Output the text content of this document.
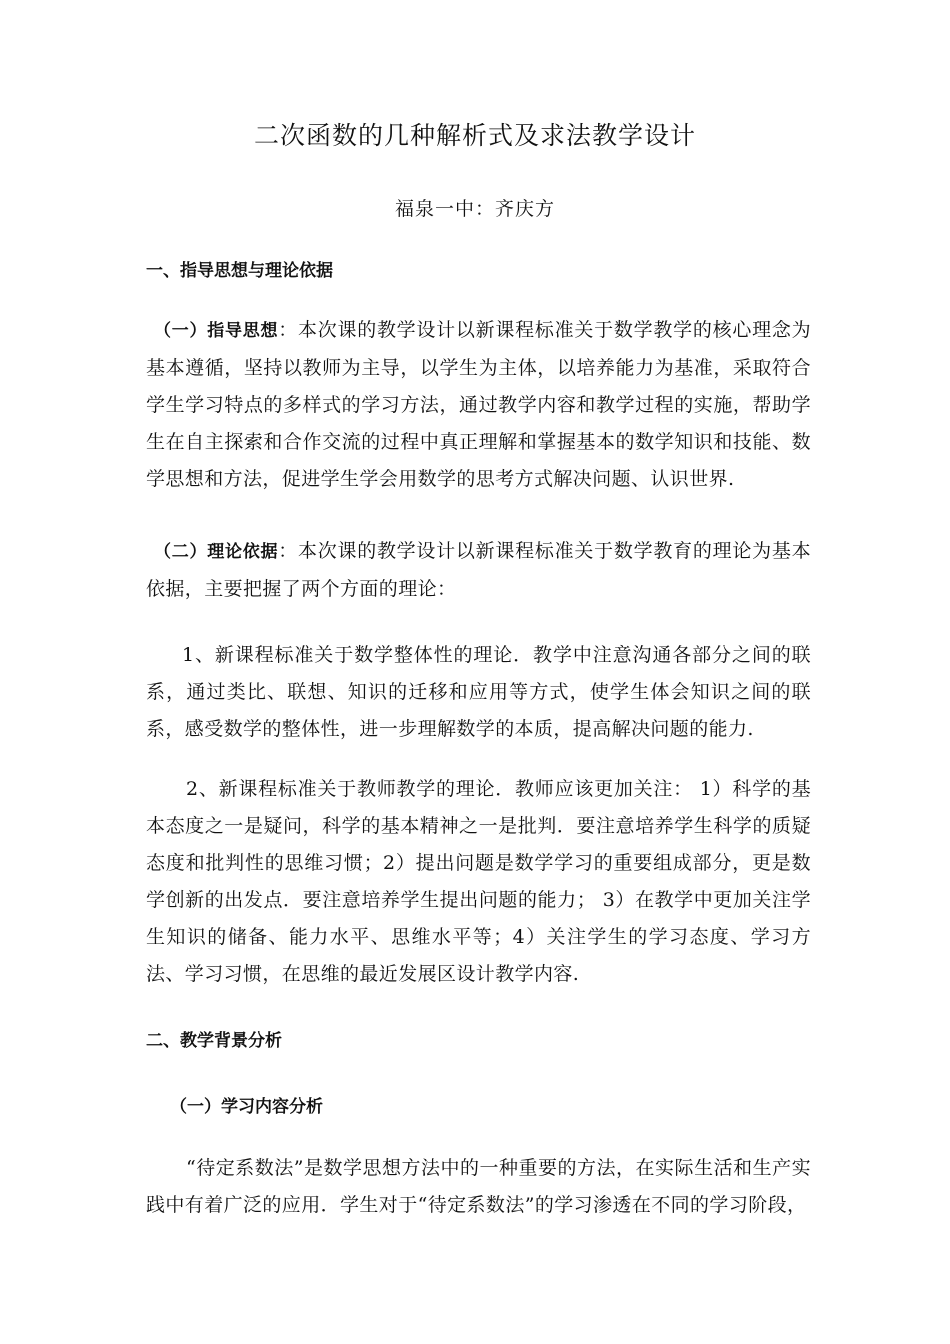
二次函数的几种解析式及求法教学设计
福泉一中：齐庆方
一、指导思想与理论依据

（一）指导思想：本次课的教学设计以新课程标准关于数学教学的核心理念为基本遵循，坚持以教师为主导，以学生为主体，以培养能力为基准，采取符合学生学习特点的多样式的学习方法，通过教学内容和教学过程的实施，帮助学生在自主探索和合作交流的过程中真正理解和掌握基本的数学知识和技能、数学思想和方法，促进学生学会用数学的思考方式解决问题、认识世界.

（二）理论依据：本次课的教学设计以新课程标准关于数学教育的理论为基本依据，主要把握了两个方面的理论：

1、新课程标准关于数学整体性的理论．教学中注意沟通各部分之间的联系，通过类比、联想、知识的迁移和应用等方式，使学生体会知识之间的联系，感受数学的整体性，进一步理解数学的本质，提高解决问题的能力.

2、新课程标准关于教师教学的理论．教师应该更加关注： 1）科学的基本态度之一是疑问，科学的基本精神之一是批判．要注意培养学生科学的质疑态度和批判性的思维习惯；2）提出问题是数学学习的重要组成部分，更是数学创新的出发点．要注意培养学生提出问题的能力； 3）在教学中更加关注学生知识的储备、能力水平、思维水平等；4）关注学生的学习态度、学习方法、学习习惯，在思维的最近发展区设计教学内容.

二、教学背景分析
（一）学习内容分析

“待定系数法”是数学思想方法中的一种重要的方法，在实际生活和生产实践中有着广泛的应用．学生对于“待定系数法”的学习渗透在不同的学习阶段，
